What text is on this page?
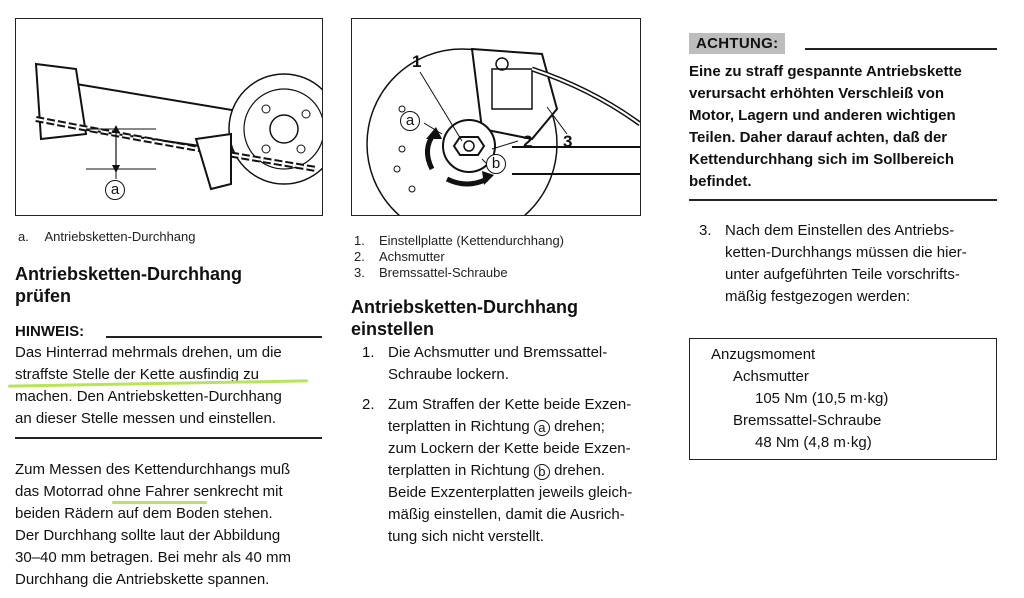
a
a. Antriebsketten-Durchhang
Antriebsketten-Durchhang
prüfen
HINWEIS:
Das Hinterrad mehrmals drehen, um die
straffste Stelle der Kette ausfindig zu
machen. Den Antriebsketten-Durchhang
an dieser Stelle messen und einstellen.
Zum Messen des Kettendurchhangs muß
das Motorrad ohne Fahrer senkrecht mit
beiden Rädern auf dem Boden stehen.
Der Durchhang sollte laut der Abbildung
30–40 mm betragen. Bei mehr als 40 mm
Durchhang die Antriebskette spannen.
1
2 3
a
b
1. Einstellplatte (Kettendurchhang)
2. Achsmutter
3. Bremssattel-Schraube
Antriebsketten-Durchhang
einstellen
1. Die Achsmutter und Bremssattel-
Schraube lockern.
2. Zum Straffen der Kette beide Exzen-
terplatten in Richtung a drehen;
zum Lockern der Kette beide Exzen-
terplatten in Richtung b drehen.
Beide Exzenterplatten jeweils gleich-
mäßig einstellen, damit die Ausrich-
tung sich nicht verstellt.
ACHTUNG:
Eine zu straff gespannte Antriebskette
verursacht erhöhten Verschleiß von
Motor, Lagern und anderen wichtigen
Teilen. Daher darauf achten, daß der
Kettendurchhang sich im Sollbereich
befindet.
3. Nach dem Einstellen des Antriebs-
ketten-Durchhangs müssen die hier-
unter aufgeführten Teile vorschrifts-
mäßig festgezogen werden:
Anzugsmoment
Achsmutter
105 Nm (10,5 m·kg)
Bremssattel-Schraube
48 Nm (4,8 m·kg)
